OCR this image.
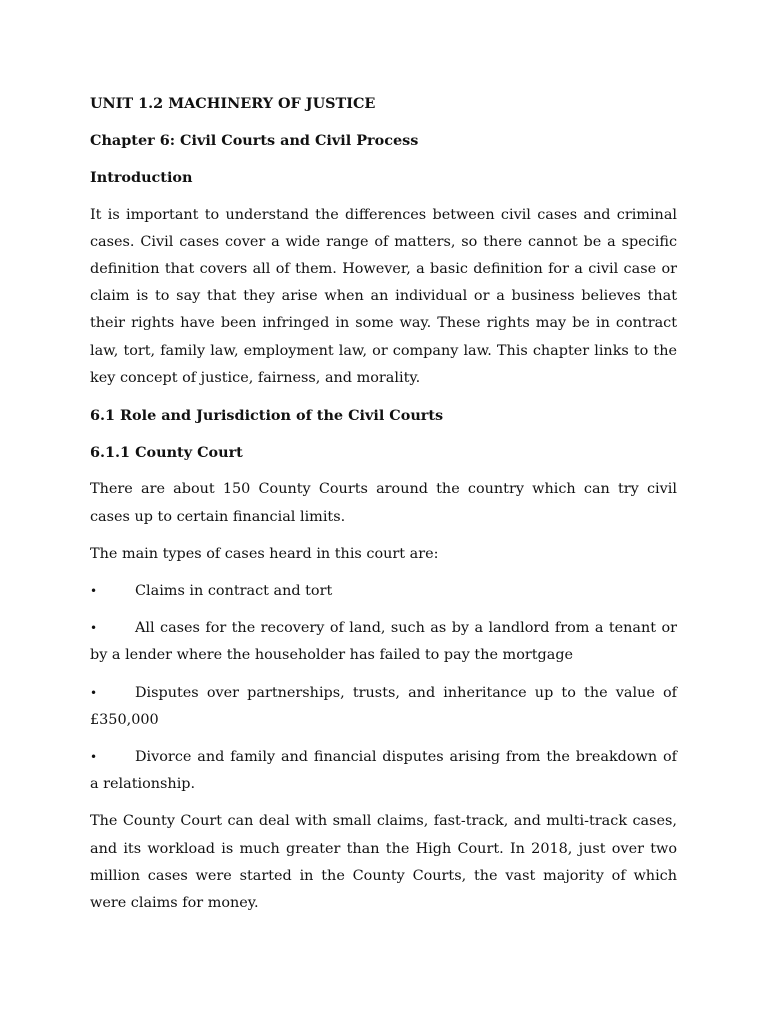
UNIT 1.2 MACHINERY OF JUSTICE
Chapter 6: Civil Courts and Civil Process
Introduction
It is important to understand the differences between civil cases and criminal cases. Civil cases cover a wide range of matters, so there cannot be a specific definition that covers all of them. However, a basic definition for a civil case or claim is to say that they arise when an individual or a business believes that their rights have been infringed in some way. These rights may be in contract law, tort, family law, employment law, or company law. This chapter links to the key concept of justice, fairness, and morality.
6.1 Role and Jurisdiction of the Civil Courts
6.1.1 County Court
There are about 150 County Courts around the country which can try civil cases up to certain financial limits.
The main types of cases heard in this court are:
•	Claims in contract and tort
•	All cases for the recovery of land, such as by a landlord from a tenant or by a lender where the householder has failed to pay the mortgage
•	Disputes over partnerships, trusts, and inheritance up to the value of £350,000
•	Divorce and family and financial disputes arising from the breakdown of a relationship.
The County Court can deal with small claims, fast-track, and multi-track cases, and its workload is much greater than the High Court. In 2018, just over two million cases were started in the County Courts, the vast majority of which were claims for money.
